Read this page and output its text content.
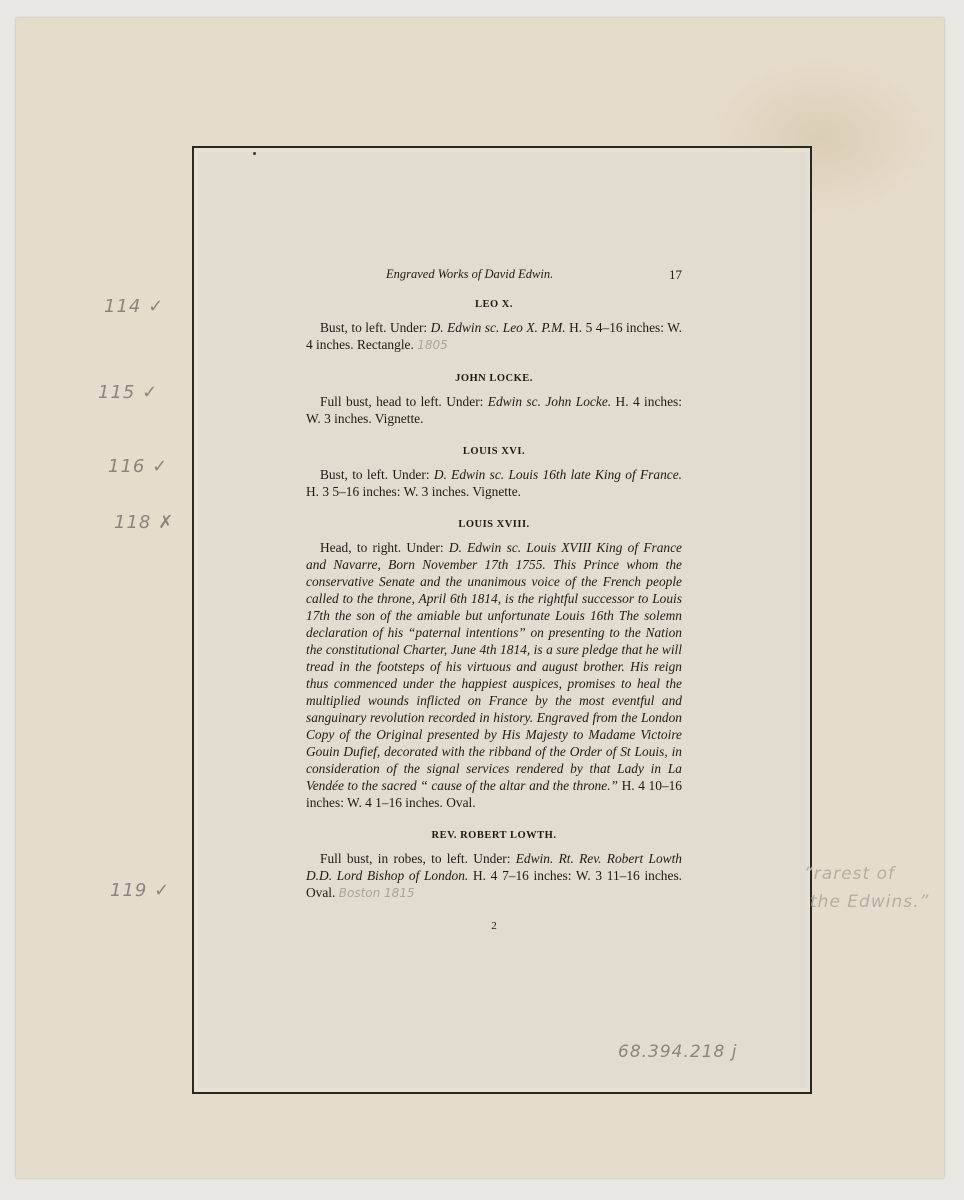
Engraved Works of David Edwin.	17
LEO X.
Bust, to left. Under: D. Edwin sc. Leo X. P.M. H. 5 4–16 inches: W. 4 inches. Rectangle. 1805
JOHN LOCKE.
Full bust, head to left. Under: Edwin sc. John Locke. H. 4 inches: W. 3 inches. Vignette.
LOUIS XVI.
Bust, to left. Under: D. Edwin sc. Louis 16th late King of France. H. 3 5–16 inches: W. 3 inches. Vignette.
LOUIS XVIII.
Head, to right. Under: D. Edwin sc. Louis XVIII King of France and Navarre, Born November 17th 1755. This Prince whom the conservative Senate and the unanimous voice of the French people called to the throne, April 6th 1814, is the rightful successor to Louis 17th the son of the amiable but unfortunate Louis 16th The solemn declaration of his “paternal intentions” on presenting to the Nation the constitutional Charter, June 4th 1814, is a sure pledge that he will tread in the footsteps of his virtuous and august brother. His reign thus commenced under the happiest auspices, promises to heal the multiplied wounds inflicted on France by the most eventful and sanguinary revolution recorded in history. Engraved from the London Copy of the Original presented by His Majesty to Madame Victoire Gouin Dufief, decorated with the ribband of the Order of St Louis, in consideration of the signal services rendered by that Lady in La Vendée to the sacred “ cause of the altar and the throne.” H. 4 10–16 inches: W. 4 1–16 inches. Oval.
REV. ROBERT LOWTH.
Full bust, in robes, to left. Under: Edwin. Rt. Rev. Robert Lowth D.D. Lord Bishop of London. H. 4 7–16 inches: W. 3 11–16 inches. Oval. Boston 1815
2
114 ✓
115 ✓
116 ✓
118 ✗
119 ✓
“rarest of
the Edwins.”
68.394.218 j
